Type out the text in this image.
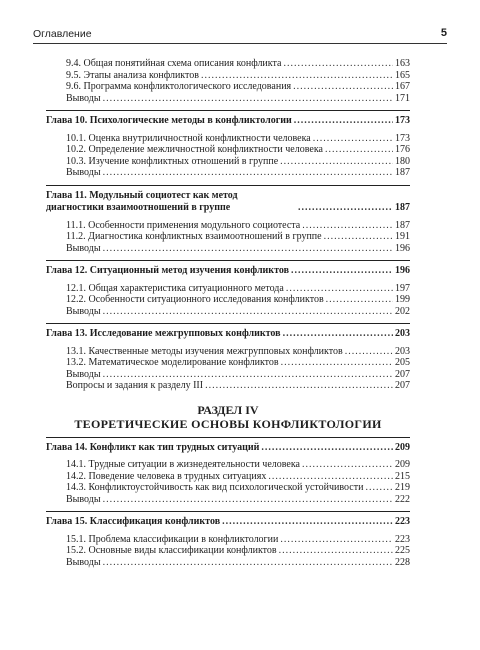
Оглавление	5
9.4. Общая понятийная схема описания конфликта .....	163
9.5. Этапы анализа конфликтов .....	165
9.6. Программа конфликтологического исследования .....	167
Выводы .....	171
Глава 10. Психологические методы в конфликтологии .....	173
10.1. Оценка внутриличностной конфликтности человека .....	173
10.2. Определение межличностной конфликтности человека .....	176
10.3. Изучение конфликтных отношений в группе .....	180
Выводы .....	187
Глава 11. Модульный социотест как метод диагностики взаимоотношений в группе .....	187
11.1. Особенности применения модульного социотеста .....	187
11.2. Диагностика конфликтных взаимоотношений в группе .....	191
Выводы .....	196
Глава 12. Ситуационный метод изучения конфликтов .....	196
12.1. Общая характеристика ситуационного метода .....	197
12.2. Особенности ситуационного исследования конфликтов .....	199
Выводы .....	202
Глава 13. Исследование межгрупповых конфликтов .....	203
13.1. Качественные методы изучения межгрупповых конфликтов .....	203
13.2. Математическое моделирование конфликтов .....	205
Выводы .....	207
Вопросы и задания к разделу III .....	207
РАЗДЕЛ IV
ТЕОРЕТИЧЕСКИЕ ОСНОВЫ КОНФЛИКТОЛОГИИ
Глава 14. Конфликт как тип трудных ситуаций .....	209
14.1. Трудные ситуации в жизнедеятельности человека .....	209
14.2. Поведение человека в трудных ситуациях .....	215
14.3. Конфликтоустойчивость как вид психологической устойчивости .....	219
Выводы .....	222
Глава 15. Классификация конфликтов .....	223
15.1. Проблема классификации в конфликтологии .....	223
15.2. Основные виды классификации конфликтов .....	225
Выводы .....	228
